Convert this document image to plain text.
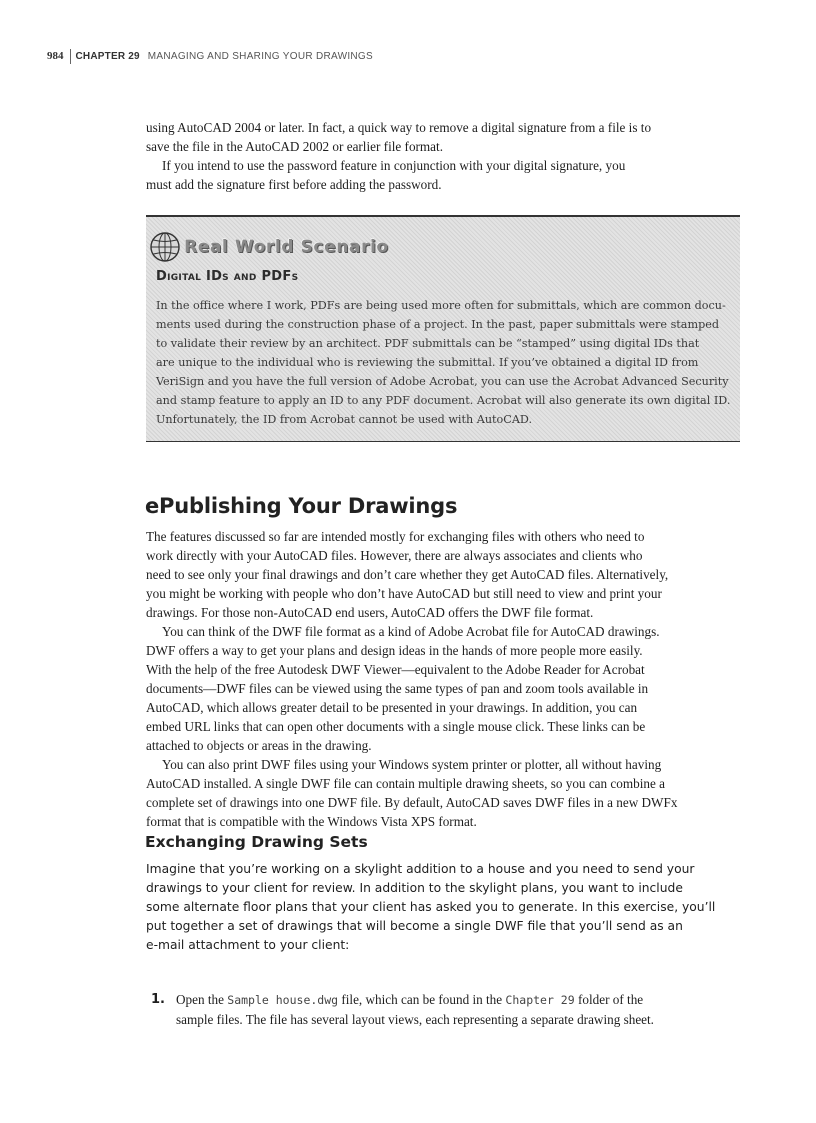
984	CHAPTER 29 MANAGING AND SHARING YOUR DRAWINGS

using AutoCAD 2004 or later. In fact, a quick way to remove a digital signature from a file is to

save the file in the AutoCAD 2002 or earlier file format.

If you intend to use the password feature in conjunction with your digital signature, you

must add the signature first before adding the password.

Real World Scenario
Digital IDs and PDFs

In the office where I work, PDFs are being used more often for submittals, which are common docu-

ments used during the construction phase of a project. In the past, paper submittals were stamped

to validate their review by an architect. PDF submittals can be “stamped” using digital IDs that

are unique to the individual who is reviewing the submittal. If you’ve obtained a digital ID from

VeriSign and you have the full version of Adobe Acrobat, you can use the Acrobat Advanced Security

and stamp feature to apply an ID to any PDF document. Acrobat will also generate its own digital ID.

Unfortunately, the ID from Acrobat cannot be used with AutoCAD.

ePublishing Your Drawings

The features discussed so far are intended mostly for exchanging files with others who need to

work directly with your AutoCAD files. However, there are always associates and clients who

need to see only your final drawings and don’t care whether they get AutoCAD files. Alternatively,

you might be working with people who don’t have AutoCAD but still need to view and print your

drawings. For those non-AutoCAD end users, AutoCAD offers the DWF file format.

You can think of the DWF file format as a kind of Adobe Acrobat file for AutoCAD drawings.

DWF offers a way to get your plans and design ideas in the hands of more people more easily.

With the help of the free Autodesk DWF Viewer—equivalent to the Adobe Reader for Acrobat

documents—DWF files can be viewed using the same types of pan and zoom tools available in

AutoCAD, which allows greater detail to be presented in your drawings. In addition, you can

embed URL links that can open other documents with a single mouse click. These links can be

attached to objects or areas in the drawing.

You can also print DWF files using your Windows system printer or plotter, all without having

AutoCAD installed. A single DWF file can contain multiple drawing sheets, so you can combine a

complete set of drawings into one DWF file. By default, AutoCAD saves DWF files in a new DWFx

format that is compatible with the Windows Vista XPS format.

Exchanging Drawing Sets

Imagine that you’re working on a skylight addition to a house and you need to send your

drawings to your client for review. In addition to the skylight plans, you want to include

some alternate floor plans that your client has asked you to generate. In this exercise, you’ll

put together a set of drawings that will become a single DWF file that you’ll send as an

e-mail attachment to your client:

1. Open the Sample house.dwg file, which can be found in the Chapter 29 folder of the

sample files. The file has several layout views, each representing a separate drawing sheet.
